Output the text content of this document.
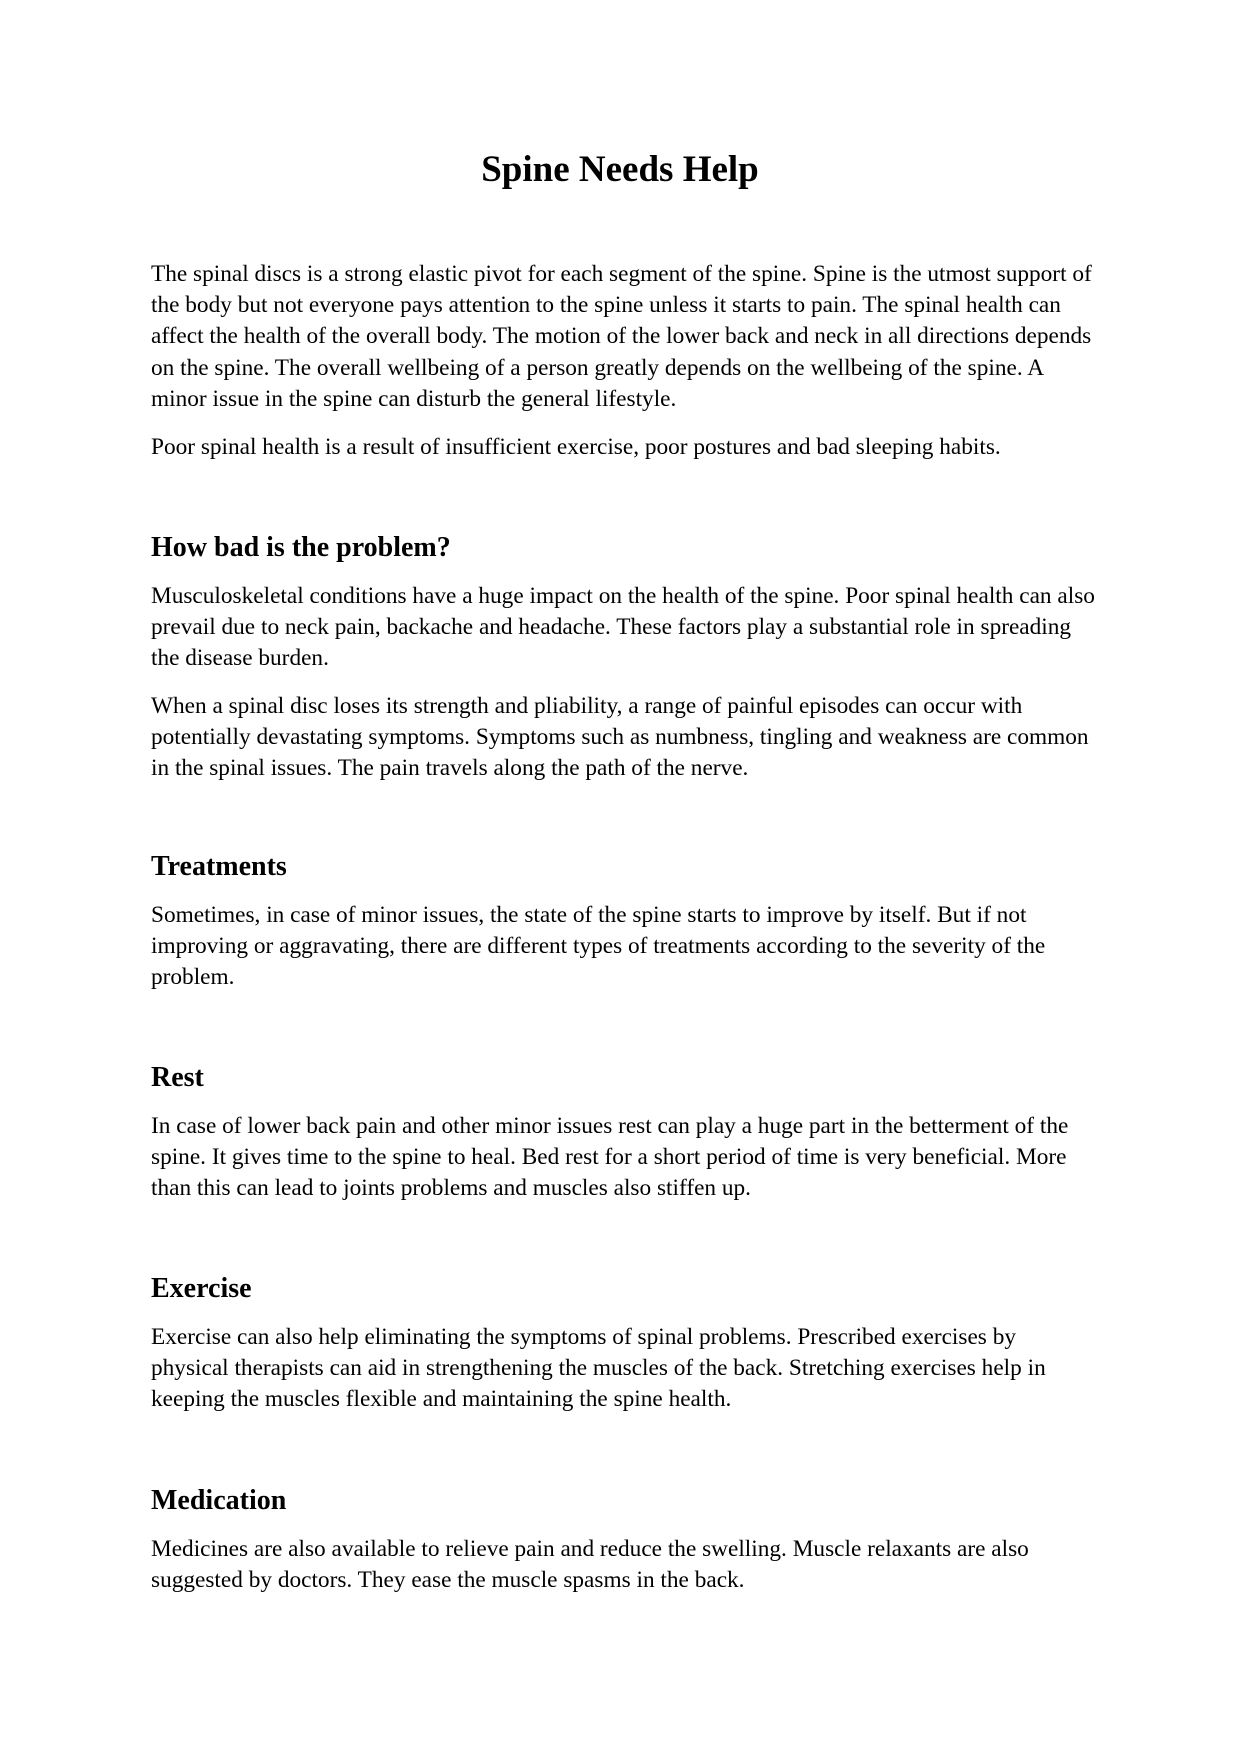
Spine Needs Help

The spinal discs is a strong elastic pivot for each segment of the spine. Spine is the utmost support of the body but not everyone pays attention to the spine unless it starts to pain. The spinal health can affect the health of the overall body. The motion of the lower back and neck in all directions depends on the spine. The overall wellbeing of a person greatly depends on the wellbeing of the spine. A minor issue in the spine can disturb the general lifestyle.

Poor spinal health is a result of insufficient exercise, poor postures and bad sleeping habits.

How bad is the problem?

Musculoskeletal conditions have a huge impact on the health of the spine. Poor spinal health can also prevail due to neck pain, backache and headache. These factors play a substantial role in spreading the disease burden.

When a spinal disc loses its strength and pliability, a range of painful episodes can occur with potentially devastating symptoms. Symptoms such as numbness, tingling and weakness are common in the spinal issues. The pain travels along the path of the nerve.

Treatments

Sometimes, in case of minor issues, the state of the spine starts to improve by itself. But if not improving or aggravating, there are different types of treatments according to the severity of the problem.

Rest

In case of lower back pain and other minor issues rest can play a huge part in the betterment of the spine. It gives time to the spine to heal. Bed rest for a short period of time is very beneficial. More than this can lead to joints problems and muscles also stiffen up.

Exercise

Exercise can also help eliminating the symptoms of spinal problems. Prescribed exercises by physical therapists can aid in strengthening the muscles of the back. Stretching exercises help in keeping the muscles flexible and maintaining the spine health.

Medication

Medicines are also available to relieve pain and reduce the swelling. Muscle relaxants are also suggested by doctors. They ease the muscle spasms in the back.
